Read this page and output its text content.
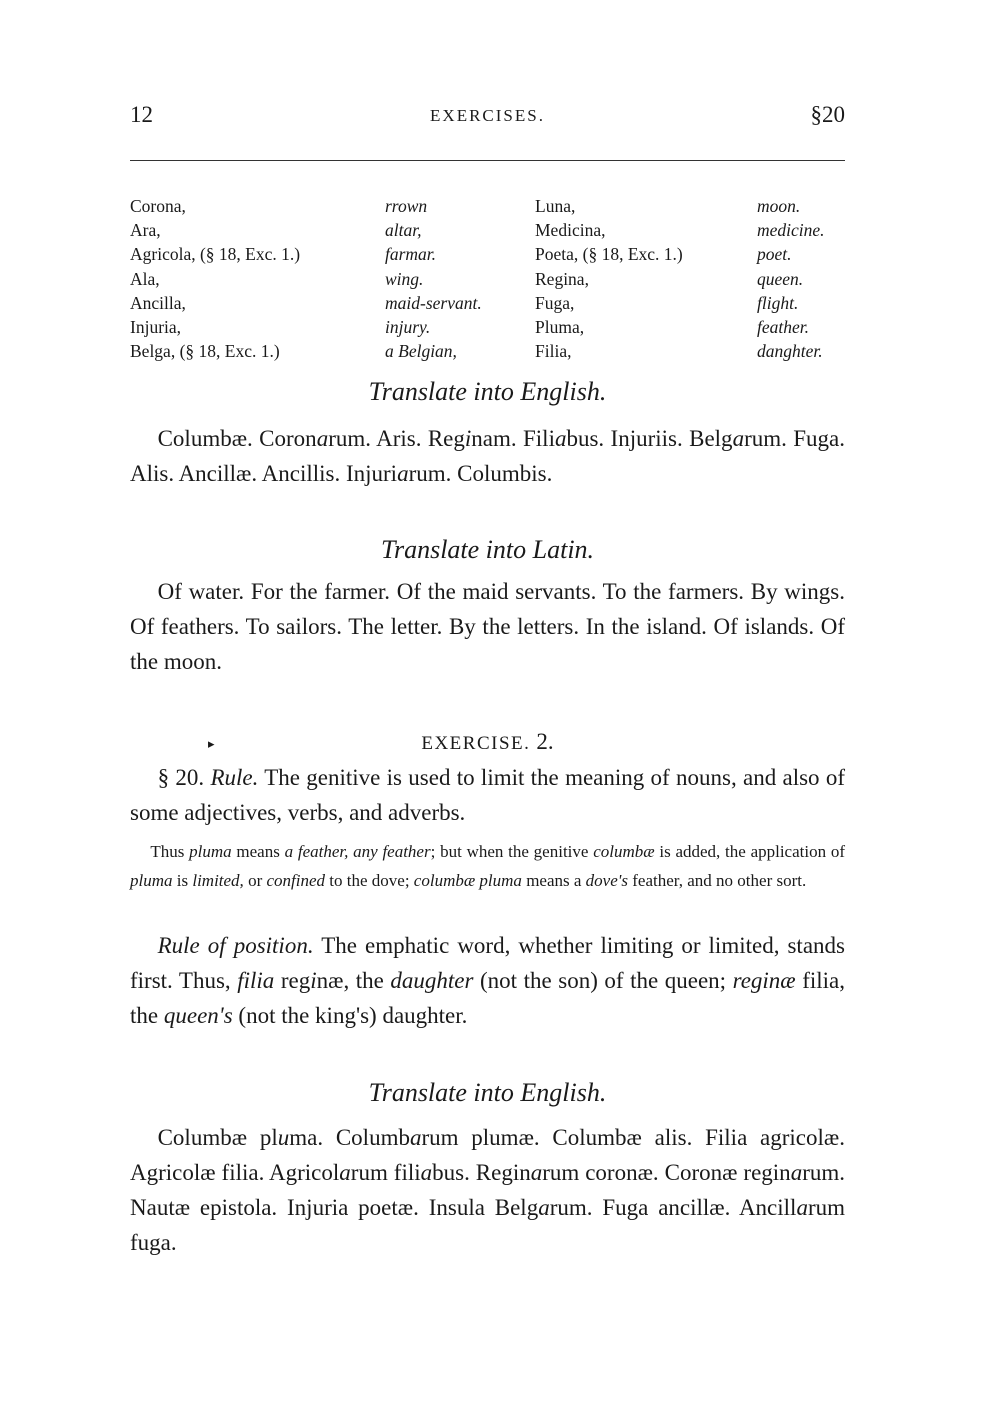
12	EXERCISES.	§20
Corona,	rrown	Luna,	moon.
Ara,	altar,	Medicina,	medicine.
Agricola, (§ 18, Exc. 1.)	farmar.	Poeta, (§ 18, Exc. 1.)	poet.
Ala,	wing.	Regina,	queen.
Ancilla,	maid-servant.	Fuga,	flight.
Injuria,	injury.	Pluma,	feather.
Belga, (§ 18, Exc. 1.)	a Belgian,	Filia,	danghter.
Translate into English.
Columbæ. Coronarum. Aris. Reginam. Filiabus. Injuriis. Belgarum. Fuga. Alis. Ancillæ. Ancillis. Injuriarum. Columbis.
Translate into Latin.
Of water. For the farmer. Of the maid servants. To the farmers. By wings. Of feathers. To sailors. The letter. By the letters. In the island. Of islands. Of the moon.
▸	EXERCISE. 2.
§ 20. Rule. The genitive is used to limit the meaning of nouns, and also of some adjectives, verbs, and adverbs.
Thus pluma means a feather, any feather; but when the genitive columbæ is added, the application of pluma is limited, or confined to the dove; columbæ pluma means a dove's feather, and no other sort.
Rule of position. The emphatic word, whether limiting or limited, stands first. Thus, filia reginæ, the daughter (not the son) of the queen; reginæ filia, the queen's (not the king's) daughter.
Translate into English.
Columbæ pluma. Columbarum plumæ. Columbæ alis. Filia agricolæ. Agricolæ filia. Agricolarum filiabus. Reginarum coronæ. Coronæ reginarum. Nautæ epistola. Injuria poetæ. Insula Belgarum. Fuga ancillæ. Ancillarum fuga.
